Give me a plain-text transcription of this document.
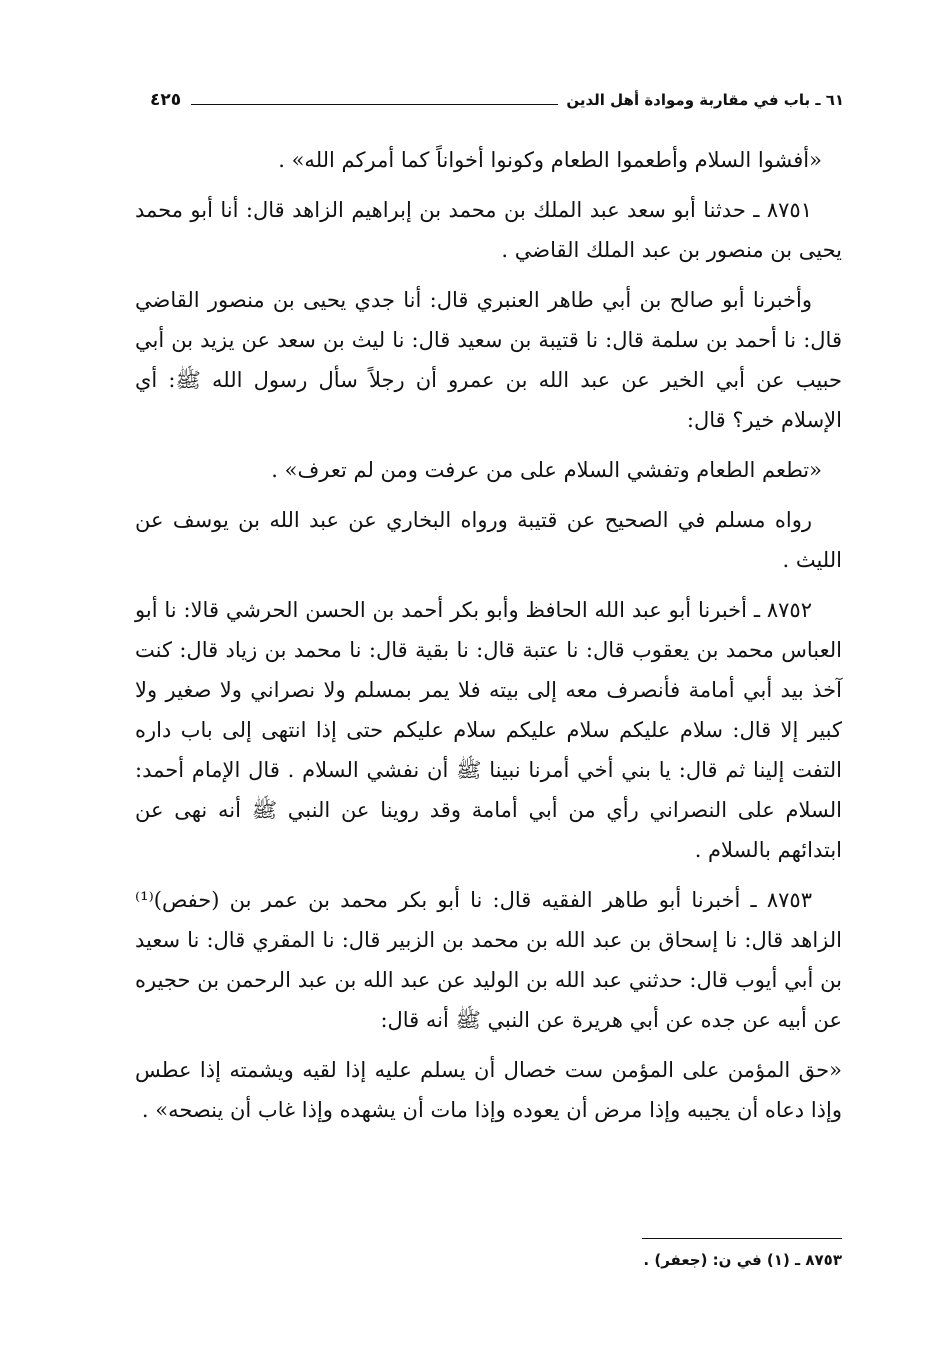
٦١ ـ باب في مقاربة وموادة أهل الدين
٤٢٥

«أفشوا السلام وأطعموا الطعام وكونوا أخواناً كما أمركم الله» .

٨٧٥١ ـ حدثنا أبو سعد عبد الملك بن محمد بن إبراهيم الزاهد قال: أنا أبو محمد يحيى بن منصور بن عبد الملك القاضي .

وأخبرنا أبو صالح بن أبي طاهر العنبري قال: أنا جدي يحيى بن منصور القاضي قال: نا أحمد بن سلمة قال: نا قتيبة بن سعيد قال: نا ليث بن سعد عن يزيد بن أبي حبيب عن أبي الخير عن عبد الله بن عمرو أن رجلاً سأل رسول الله ﷺ: أي الإسلام خير؟ قال:

«تطعم الطعام وتفشي السلام على من عرفت ومن لم تعرف» .

رواه مسلم في الصحيح عن قتيبة ورواه البخاري عن عبد الله بن يوسف عن الليث .

٨٧٥٢ ـ أخبرنا أبو عبد الله الحافظ وأبو بكر أحمد بن الحسن الحرشي قالا: نا أبو العباس محمد بن يعقوب قال: نا عتبة قال: نا بقية قال: نا محمد بن زياد قال: كنت آخذ بيد أبي أمامة فأنصرف معه إلى بيته فلا يمر بمسلم ولا نصراني ولا صغير ولا كبير إلا قال: سلام عليكم سلام عليكم سلام عليكم حتى إذا انتهى إلى باب داره التفت إلينا ثم قال: يا بني أخي أمرنا نبينا ﷺ أن نفشي السلام . قال الإمام أحمد: السلام على النصراني رأي من أبي أمامة وقد روينا عن النبي ﷺ أنه نهى عن ابتدائهم بالسلام .

٨٧٥٣ ـ أخبرنا أبو طاهر الفقيه قال: نا أبو بكر محمد بن عمر بن (حفص)⁽¹⁾ الزاهد قال: نا إسحاق بن عبد الله بن محمد بن الزبير قال: نا المقري قال: نا سعيد بن أبي أيوب قال: حدثني عبد الله بن الوليد عن عبد الله بن عبد الرحمن بن حجيره عن أبيه عن جده عن أبي هريرة عن النبي ﷺ أنه قال:

«حق المؤمن على المؤمن ست خصال أن يسلم عليه إذا لقيه ويشمته إذا عطس وإذا دعاه أن يجيبه وإذا مرض أن يعوده وإذا مات أن يشهده وإذا غاب أن ينصحه» .

٨٧٥٣ ـ (١) في ن: (جعفر) .
